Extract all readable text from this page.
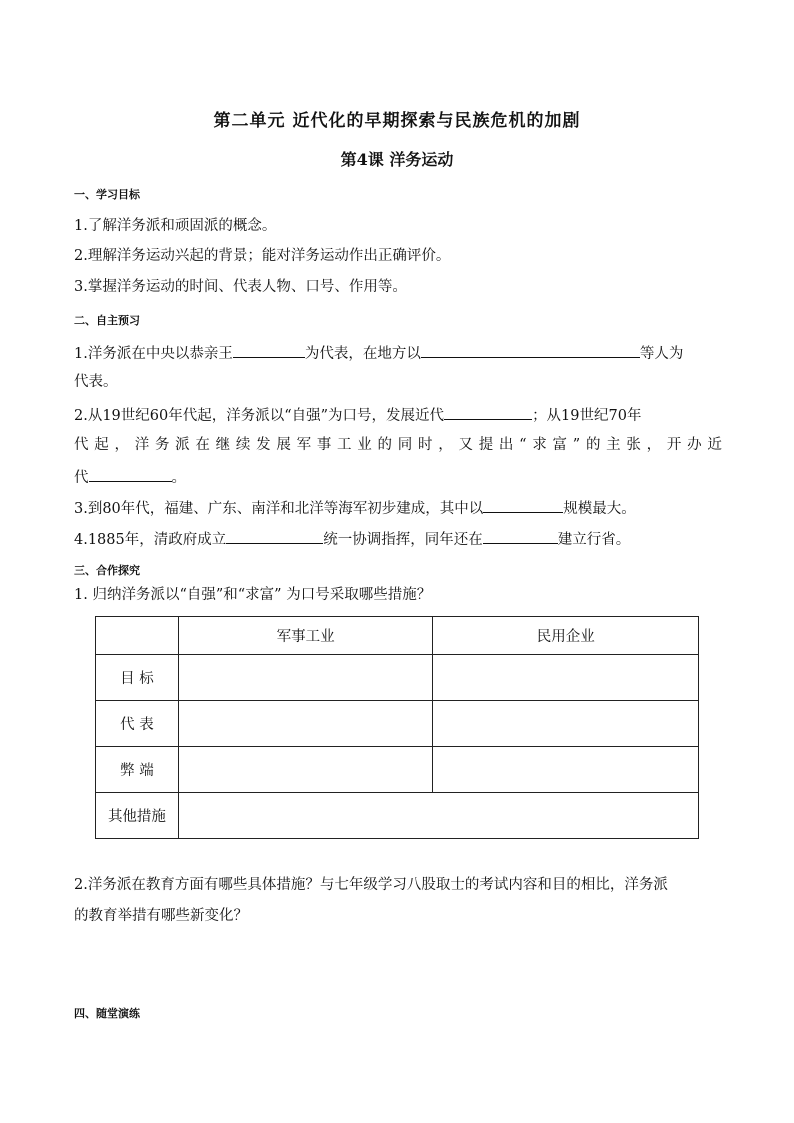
第二单元 近代化的早期探索与民族危机的加剧
第4课 洋务运动
一、学习目标
1.了解洋务派和顽固派的概念。
2.理解洋务运动兴起的背景；能对洋务运动作出正确评价。
3.掌握洋务运动的时间、代表人物、口号、作用等。
二、自主预习
1.洋务派在中央以恭亲王	为代表，在地方以	等人为
代表。
2.从19世纪60年代起，洋务派以“自强”为口号，发展近代	；从19世纪70年
代 起 ， 洋 务 派 在 继 续 发 展 军 事 工 业 的 同 时 ， 又 提 出 “ 求 富 ” 的 主 张 ， 开 办 近
代	。
3.到80年代，福建、广东、南洋和北洋等海军初步建成，其中以	规模最大。
4.1885年，清政府成立	统一协调指挥，同年还在	建立行省。
三、合作探究
1. 归纳洋务派以“自强”和“求富” 为口号采取哪些措施？
	军事工业	民用企业
目 标		
代 表		
弊 端		
其他措施		
2.洋务派在教育方面有哪些具体措施？与七年级学习八股取士的考试内容和目的相比，洋务派
的教育举措有哪些新变化？
四、随堂演练
